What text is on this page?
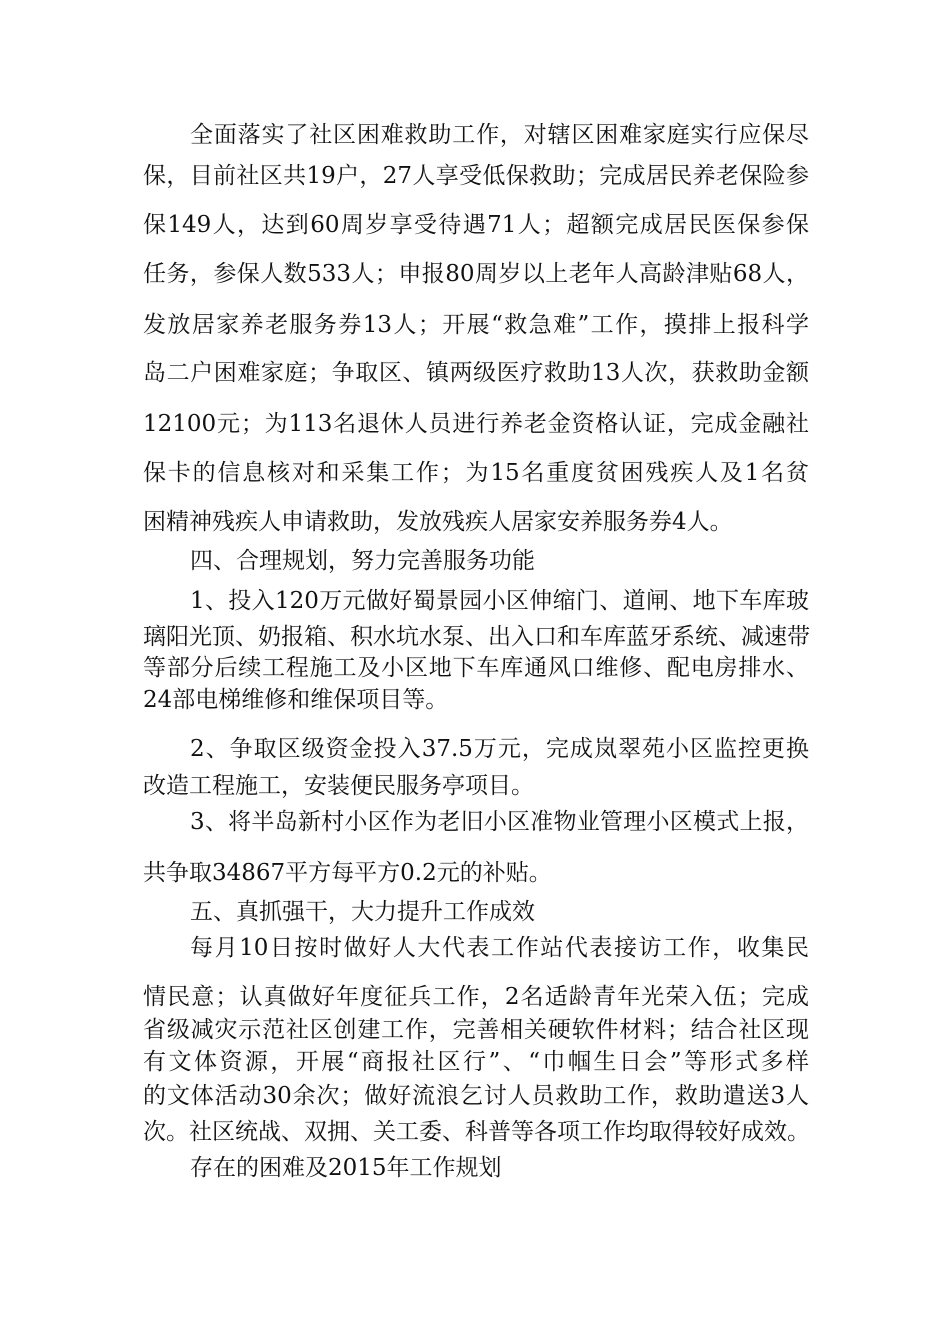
全面落实了社区困难救助工作，对辖区困难家庭实行应保尽
保，目前社区共19户，27人享受低保救助；完成居民养老保险参
保149人，达到60周岁享受待遇71人；超额完成居民医保参保
任务，参保人数533人；申报80周岁以上老年人高龄津贴68人，
发放居家养老服务券13人；开展“救急难”工作，摸排上报科学
岛二户困难家庭；争取区、镇两级医疗救助13人次，获救助金额
12100元；为113名退休人员进行养老金资格认证，完成金融社
保卡的信息核对和采集工作；为15名重度贫困残疾人及1名贫
困精神残疾人申请救助，发放残疾人居家安养服务券4人。
四、合理规划，努力完善服务功能
1、投入120万元做好蜀景园小区伸缩门、道闸、地下车库玻
璃阳光顶、奶报箱、积水坑水泵、出入口和车库蓝牙系统、减速带
等部分后续工程施工及小区地下车库通风口维修、配电房排水、
24部电梯维修和维保项目等。
2、争取区级资金投入37.5万元，完成岚翠苑小区监控更换
改造工程施工，安装便民服务亭项目。
3、将半岛新村小区作为老旧小区准物业管理小区模式上报，
共争取34867平方每平方0.2元的补贴。
五、真抓强干，大力提升工作成效
每月10日按时做好人大代表工作站代表接访工作，收集民
情民意；认真做好年度征兵工作，2名适龄青年光荣入伍；完成
省级减灾示范社区创建工作，完善相关硬软件材料；结合社区现
有文体资源，开展“商报社区行”、“巾帼生日会”等形式多样
的文体活动30余次；做好流浪乞讨人员救助工作，救助遣送3人
次。社区统战、双拥、关工委、科普等各项工作均取得较好成效。
存在的困难及2015年工作规划
